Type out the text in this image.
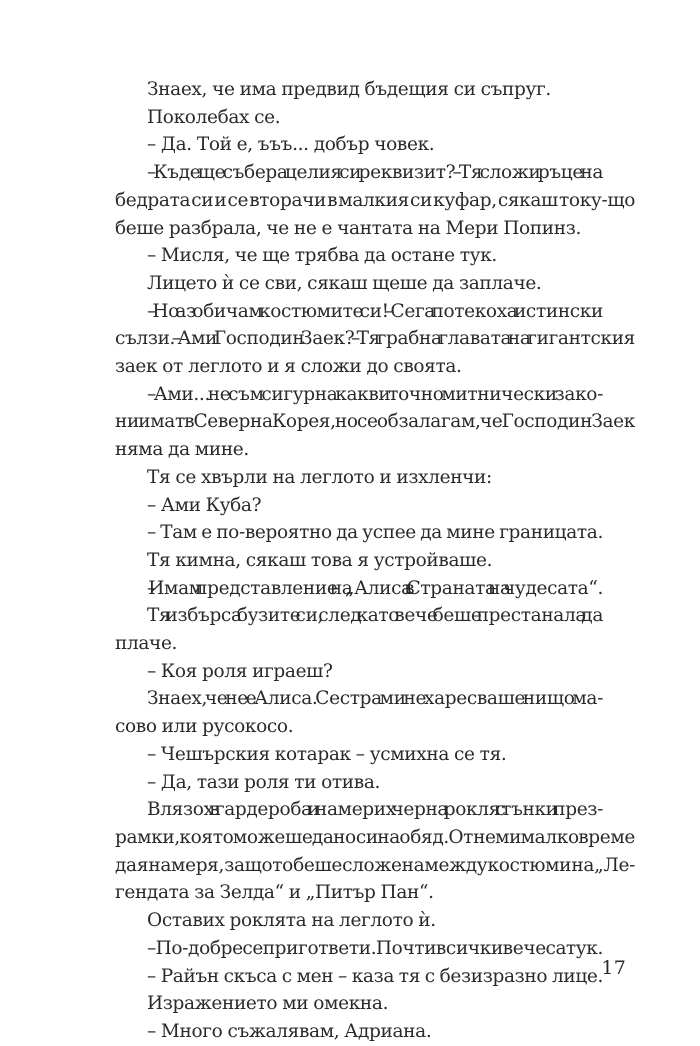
Знаех, че има предвид бъдещия си съпруг.

Поколебах се.

– Да. Той е, ъъъ... добър човек.

– Къде ще събера целия си реквизит? – Тя сложи ръце на
бедрата си и се вторачи в малкия си куфар, сякаш току-що
беше разбрала, че не е чантата на Мери Попинз.

– Мисля, че ще трябва да остане тук.

Лицето ѝ се сви, сякаш щеше да заплаче.

– Но аз обичам костюмите си! – Сега потекоха истински
сълзи. – Ами Господин Заек? – Тя грабна главата на гигантския
заек от леглото и я сложи до своята.

– Ами... не съм сигурна какви точно митнически зако-
ни имат в Северна Корея, но се обзалагам, че Господин Заек
няма да мине.

Тя се хвърли на леглото и изхленчи:

– Ами Куба?

– Там е по-вероятно да успее да мине границата.

Тя кимна, сякаш това я устройваше.

– Имам представление на „Алиса в Страната на чудесата“.

Тя избърса бузите си, след като вече беше престанала да
плаче.

– Коя роля играеш?

Знаех, че не е Алиса. Сестра ми не харесваше нищо ма-
сово или русокосо.

– Чешърския котарак – усмихна се тя.

– Да, тази роля ти отива.

Влязох в гардероба и намерих черна рокля с тънки през-
рамки, която можеше да носи на обяд. Отне ми малко време
да я намеря, защото беше сложена между костюми на „Ле-
гендата за Зелда“ и „Питър Пан“.

Оставих роклята на леглото ѝ.

– По-добре се пригответи. Почти всички вече са тук.

– Райън скъса с мен – каза тя с безизразно лице.

Изражението ми омекна.

– Много съжалявам, Адриана.

17
